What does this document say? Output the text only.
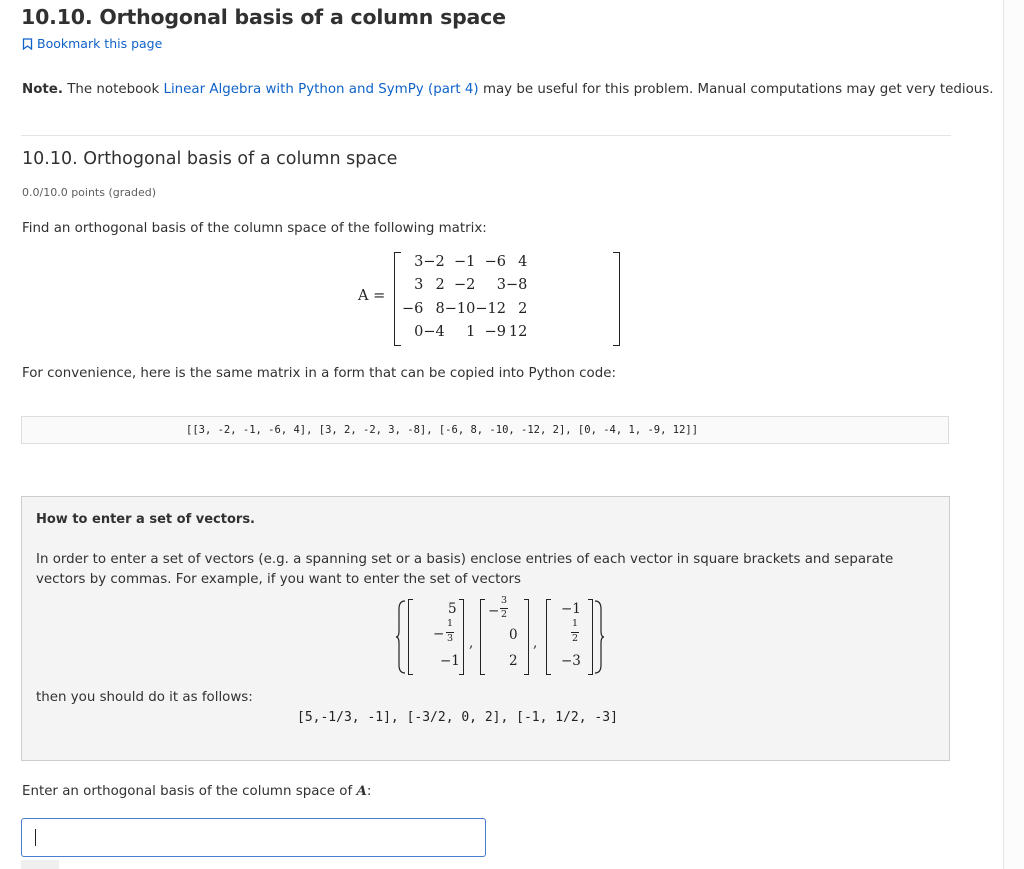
10.10. Orthogonal basis of a column space
Bookmark this page
Note. The notebook Linear Algebra with Python and SymPy (part 4) may be useful for this problem. Manual computations may get very tedious.
10.10. Orthogonal basis of a column space
0.0/10.0 points (graded)
Find an orthogonal basis of the column space of the following matrix:
A =
3	−2	−1	−6	4
3	2	−2	3	−8
−6	8	−10	−12	2
0	−4	1	−9	12
For convenience, here is the same matrix in a form that can be copied into Python code:
[[3, -2, -1, -6, 4], [3, 2, -2, 3, -8], [-6, 8, -10, -12, 2], [0, -4, 1, -9, 12]]
How to enter a set of vectors.
In order to enter a set of vectors (e.g. a spanning set or a basis) enclose entries of each vector in square brackets and separate vectors by commas. For example, if you want to enter the set of vectors
5
−
1
3
−1
,
−
3
2
0
2
,
−1
1
2
−3
then you should do it as follows:
[5,-1/3, -1], [-3/2, 0, 2], [-1, 1/2, -3]
Enter an orthogonal basis of the column space of A:
